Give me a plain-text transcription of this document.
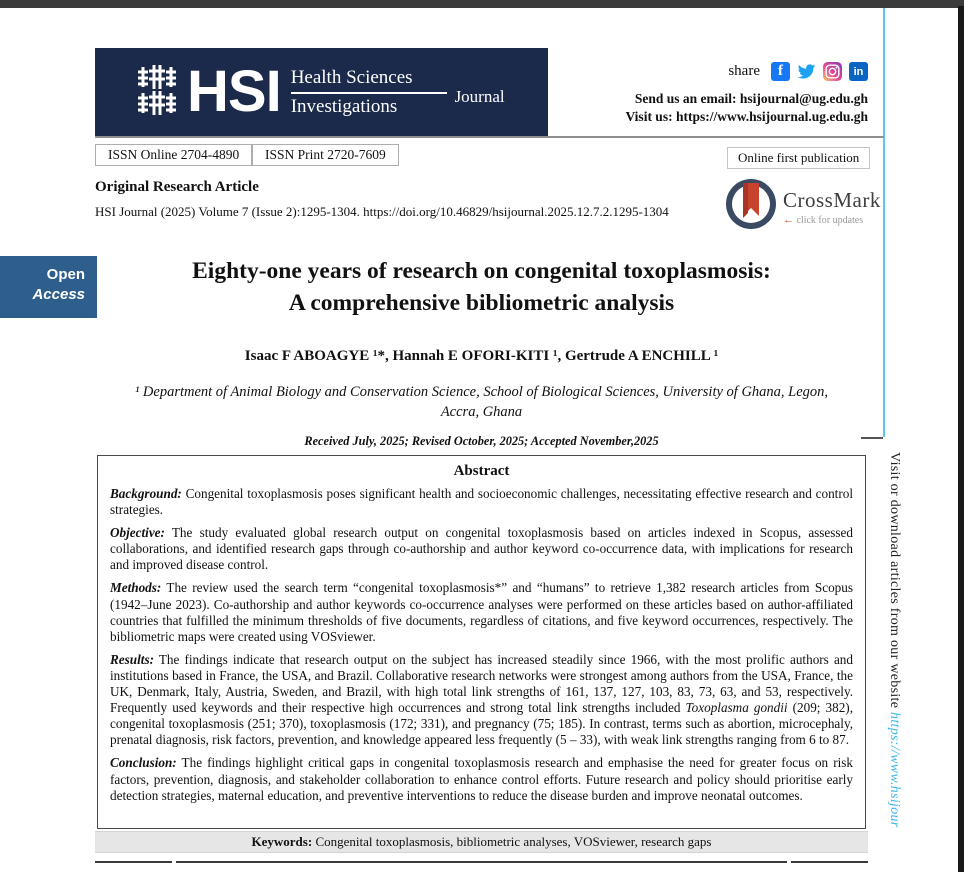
Visit or download articles from our website https://www.hsijour
HSI Health Sciences
Investigations	Journal
share f	in
Send us an email: hsijournal@ug.edu.gh
Visit us: https://www.hsijournal.ug.edu.gh
ISSN Online 2704-4890	ISSN Print 2720-7609	Online first publication
Original Research Article
HSI Journal (2025) Volume 7 (Issue 2):1295-1304. https://doi.org/10.46829/hsijournal.2025.12.7.2.1295-1304	CrossMark
← click for updates
Open
Access
Eighty-one years of research on congenital toxoplasmosis:
A comprehensive bibliometric analysis
Isaac F ABOAGYE ¹*, Hannah E OFORI-KITI ¹, Gertrude A ENCHILL ¹
¹ Department of Animal Biology and Conservation Science, School of Biological Sciences, University of Ghana, Legon, Accra, Ghana
Received July, 2025; Revised October, 2025; Accepted November,2025
Abstract

Background: Congenital toxoplasmosis poses significant health and socioeconomic challenges, necessitating effective research and control strategies.

Objective: The study evaluated global research output on congenital toxoplasmosis based on articles indexed in Scopus, assessed collaborations, and identified research gaps through co-authorship and author keyword co-occurrence data, with implications for research and improved disease control.

Methods: The review used the search term “congenital toxoplasmosis*” and “humans” to retrieve 1,382 research articles from Scopus (1942–June 2023). Co-authorship and author keywords co-occurrence analyses were performed on these articles based on author-affiliated countries that fulfilled the minimum thresholds of five documents, regardless of citations, and five keyword occurrences, respectively. The bibliometric maps were created using VOSviewer.

Results: The findings indicate that research output on the subject has increased steadily since 1966, with the most prolific authors and institutions based in France, the USA, and Brazil. Collaborative research networks were strongest among authors from the USA, France, the UK, Denmark, Italy, Austria, Sweden, and Brazil, with high total link strengths of 161, 137, 127, 103, 83, 73, 63, and 53, respectively. Frequently used keywords and their respective high occurrences and strong total link strengths included Toxoplasma gondii (209; 382), congenital toxoplasmosis (251; 370), toxoplasmosis (172; 331), and pregnancy (75; 185). In contrast, terms such as abortion, microcephaly, prenatal diagnosis, risk factors, prevention, and knowledge appeared less frequently (5 – 33), with weak link strengths ranging from 6 to 87.

Conclusion: The findings highlight critical gaps in congenital toxoplasmosis research and emphasise the need for greater focus on risk factors, prevention, diagnosis, and stakeholder collaboration to enhance control efforts. Future research and policy should prioritise early detection strategies, maternal education, and preventive interventions to reduce the disease burden and improve neonatal outcomes.

Keywords: Congenital toxoplasmosis, bibliometric analyses, VOSviewer, research gaps
